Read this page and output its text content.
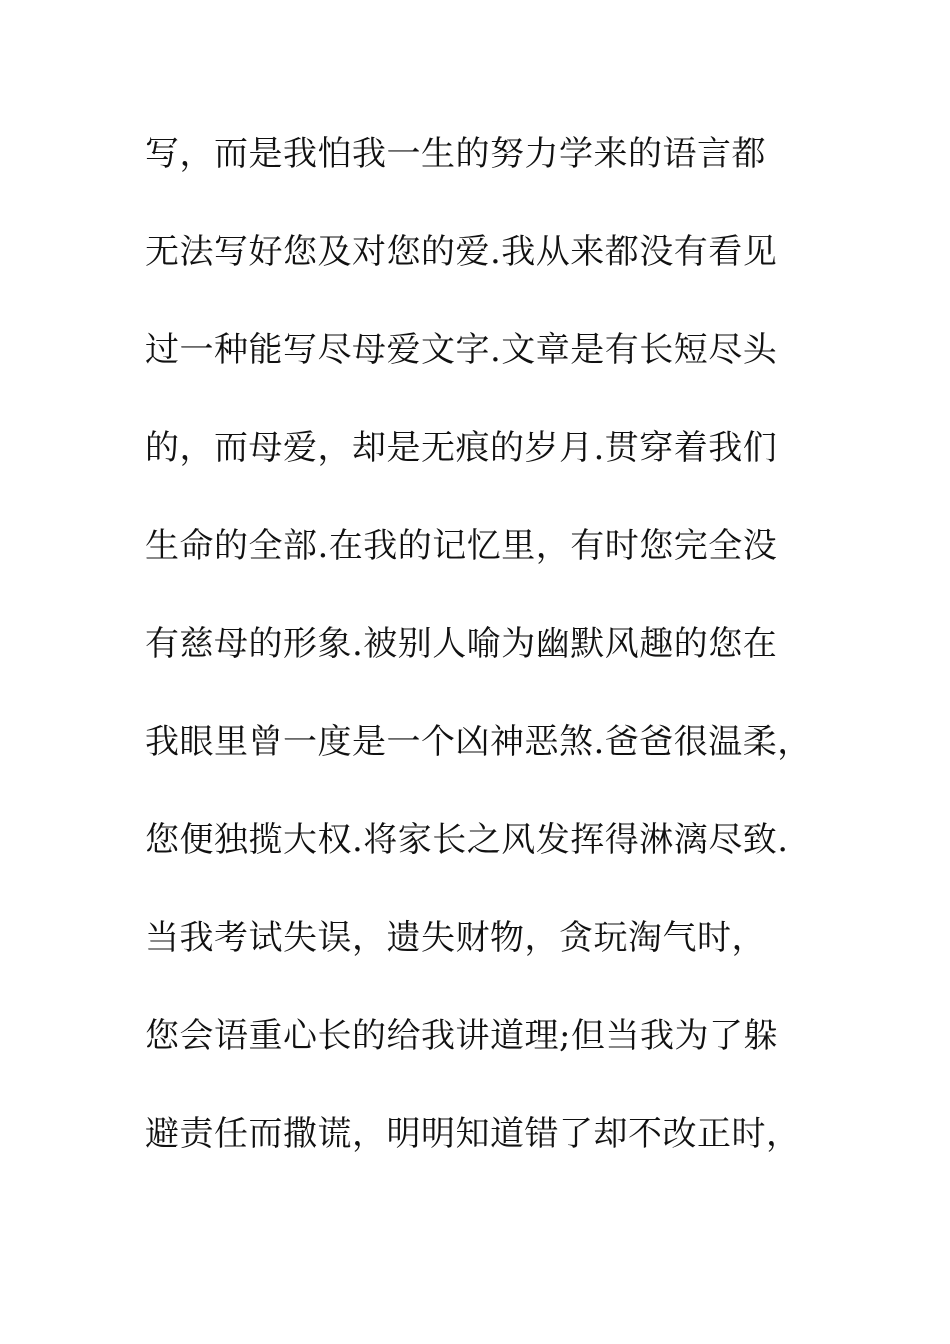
写，而是我怕我一生的努力学来的语言都
无法写好您及对您的爱.我从来都没有看见
过一种能写尽母爱文字.文章是有长短尽头
的，而母爱，却是无痕的岁月.贯穿着我们
生命的全部.在我的记忆里，有时您完全没
有慈母的形象.被别人喻为幽默风趣的您在
我眼里曾一度是一个凶神恶煞.爸爸很温柔，
您便独揽大权.将家长之风发挥得淋漓尽致.
当我考试失误，遗失财物，贪玩淘气时，
您会语重心长的给我讲道理;但当我为了躲
避责任而撒谎，明明知道错了却不改正时，
